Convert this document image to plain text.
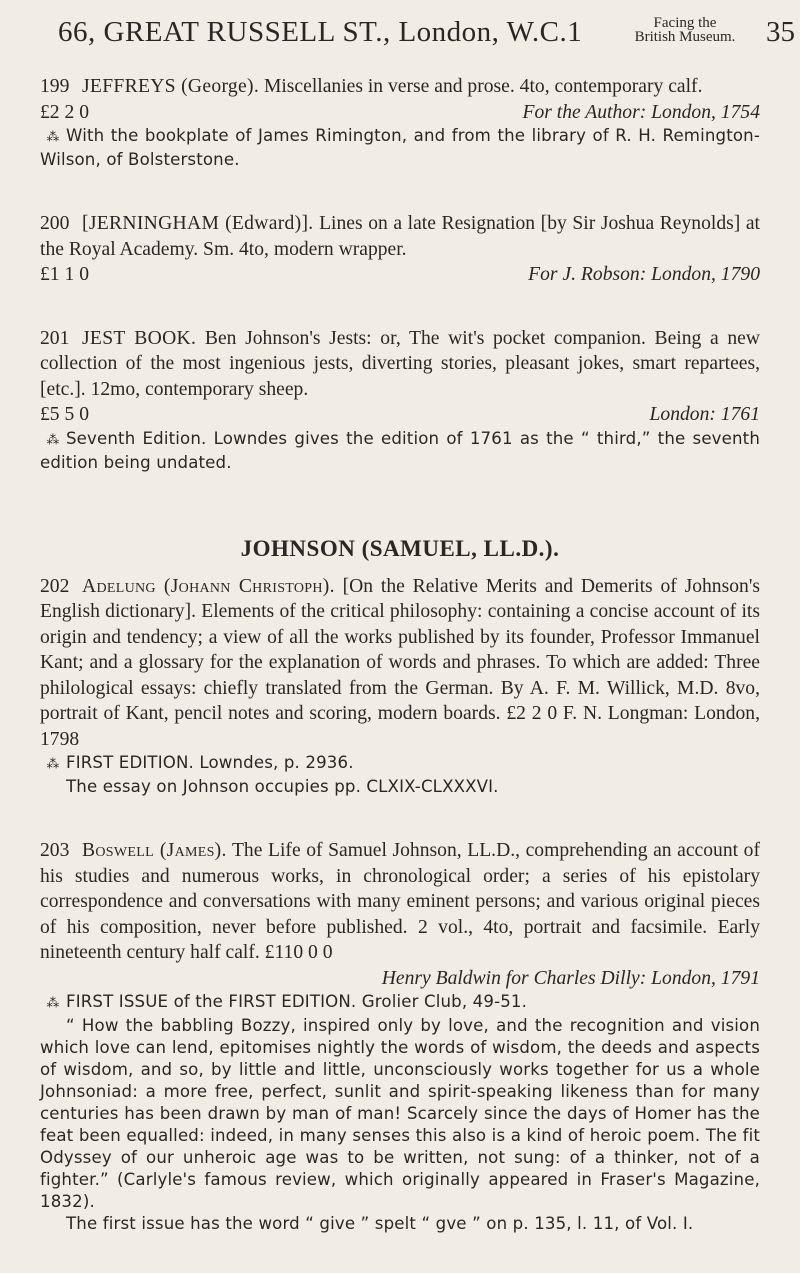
66, GREAT RUSSELL ST., London, W.C.1	Facing the
British Museum. 35

199 JEFFREYS (George). Miscellanies in verse and prose. 4to, contemporary calf.

£2 2 0	For the Author: London, 1754

⁂ With the bookplate of James Rimington, and from the library of R. H. Remington-Wilson, of Bolsterstone.

200 [JERNINGHAM (Edward)]. Lines on a late Resignation [by Sir Joshua Reynolds] at the Royal Academy. Sm. 4to, modern wrapper.

£1 1 0	For J. Robson: London, 1790

201 JEST BOOK. Ben Johnson's Jests: or, The wit's pocket companion. Being a new collection of the most ingenious jests, diverting stories, pleasant jokes, smart repartees, [etc.]. 12mo, contemporary sheep.

£5 5 0	London: 1761

⁂ Seventh Edition. Lowndes gives the edition of 1761 as the “ third,” the seventh edition being undated.

JOHNSON (SAMUEL, LL.D.).

202 Adelung (Johann Christoph). [On the Relative Merits and Demerits of Johnson's English dictionary]. Elements of the critical philosophy: containing a concise account of its origin and tendency; a view of all the works published by its founder, Professor Immanuel Kant; and a glossary for the explanation of words and phrases. To which are added: Three philological essays: chiefly translated from the German. By A. F. M. Willick, M.D. 8vo, portrait of Kant, pencil notes and scoring, modern boards. £2 2 0 F. N. Longman: London, 1798

⁂ FIRST EDITION. Lowndes, p. 2936.

The essay on Johnson occupies pp. CLXIX-CLXXXVI.

203 Boswell (James). The Life of Samuel Johnson, LL.D., comprehending an account of his studies and numerous works, in chronological order; a series of his epistolary correspondence and conversations with many eminent persons; and various original pieces of his composition, never before published. 2 vol., 4to, portrait and facsimile. Early nineteenth century half calf. £110 0 0

Henry Baldwin for Charles Dilly: London, 1791

⁂ FIRST ISSUE of the FIRST EDITION. Grolier Club, 49-51.

“ How the babbling Bozzy, inspired only by love, and the recognition and vision which love can lend, epitomises nightly the words of wisdom, the deeds and aspects of wisdom, and so, by little and little, unconsciously works together for us a whole Johnsoniad: a more free, perfect, sunlit and spirit-speaking likeness than for many centuries has been drawn by man of man! Scarcely since the days of Homer has the feat been equalled: indeed, in many senses this also is a kind of heroic poem. The fit Odyssey of our unheroic age was to be written, not sung: of a thinker, not of a fighter.” (Carlyle's famous review, which originally appeared in Fraser's Magazine, 1832).

The first issue has the word “ give ” spelt “ gve ” on p. 135, l. 11, of Vol. I.
